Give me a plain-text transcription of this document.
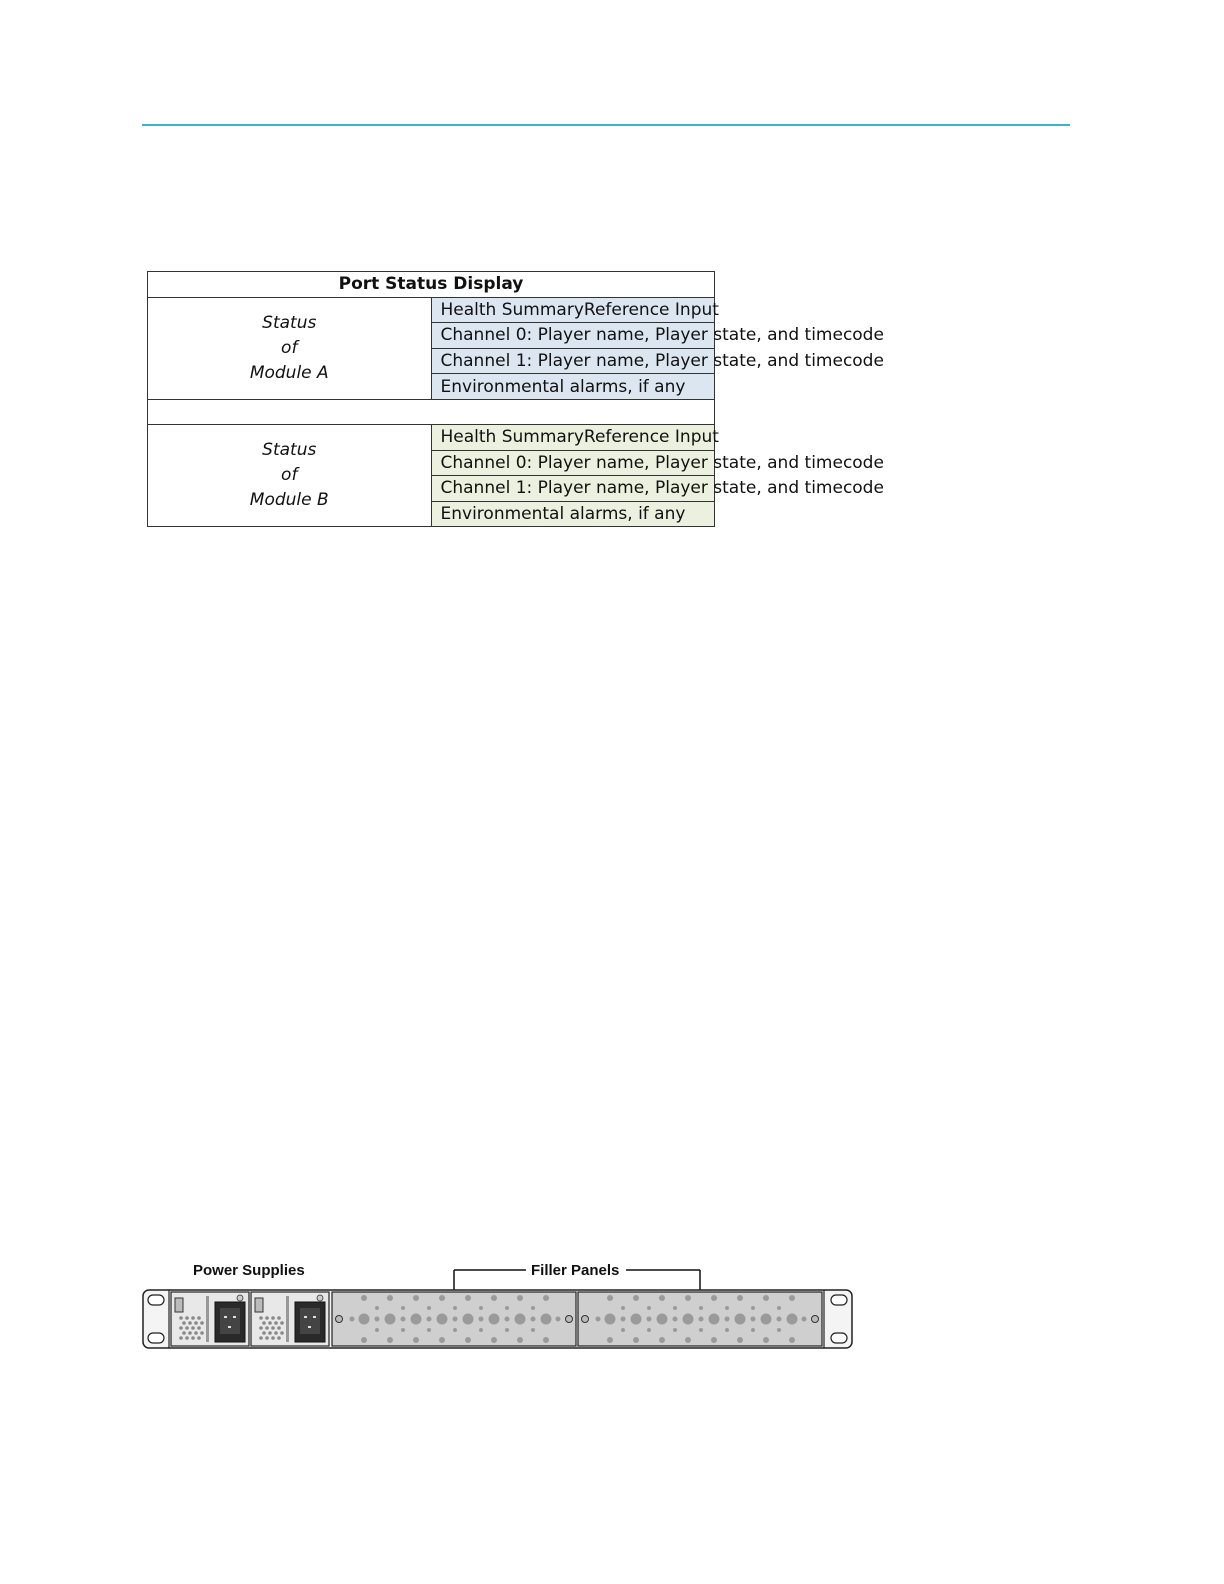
Port Status Display	

Status
of
Module A	Health Summary Reference Input

	Channel 0: Player name, Player state, and timecode
	Channel 1: Player name, Player state, and timecode
	Environmental alarms, if any

Status
of
Module B	Health Summary Reference Input

	Channel 0: Player name, Player state, and timecode
	Channel 1: Player name, Player state, and timecode
	Environmental alarms, if any
Power Supplies	Filler Panels
